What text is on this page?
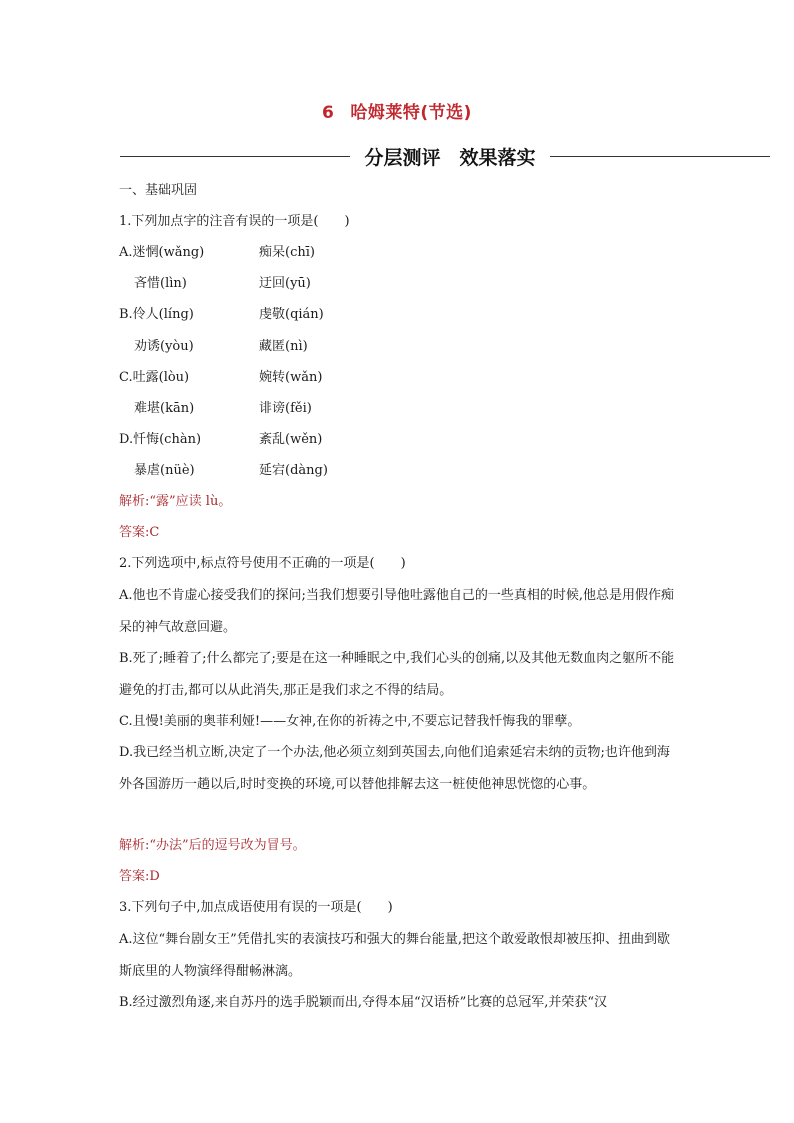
6 哈姆莱特(节选)
分层测评　效果落实
一、基础巩固
1.下列加点字的注音有误的一项是(　　)
A.迷惘(wǎng)	痴呆(chī)
吝惜(lìn)	迂回(yū)
B.伶人(líng)	虔敬(qián)
劝诱(yòu)	藏匿(nì)
C.吐露(lòu)	婉转(wǎn)
难堪(kān)	诽谤(fěi)
D.忏悔(chàn)	紊乱(wěn)
暴虐(nüè)	延宕(dàng)
解析:“露”应读 lù。
答案:C
2.下列选项中,标点符号使用不正确的一项是(　　)
A.他也不肯虚心接受我们的探问;当我们想要引导他吐露他自己的一些真相的时候,他总是用假作痴呆的神气故意回避。
B.死了;睡着了;什么都完了;要是在这一种睡眠之中,我们心头的创痛,以及其他无数血肉之躯所不能避免的打击,都可以从此消失,那正是我们求之不得的结局。
C.且慢!美丽的奥菲利娅!——女神,在你的祈祷之中,不要忘记替我忏悔我的罪孽。
D.我已经当机立断,决定了一个办法,他必须立刻到英国去,向他们追索延宕未纳的贡物;也许他到海外各国游历一趟以后,时时变换的环境,可以替他排解去这一桩使他神思恍惚的心事。
解析:“办法”后的逗号改为冒号。
答案:D
3.下列句子中,加点成语使用有误的一项是(　　)
A.这位“舞台剧女王”凭借扎实的表演技巧和强大的舞台能量,把这个敢爱敢恨却被压抑、扭曲到歇斯底里的人物演绎得酣畅淋漓。
B.经过激烈角逐,来自苏丹的选手脱颖而出,夺得本届“汉语桥”比赛的总冠军,并荣获“汉
